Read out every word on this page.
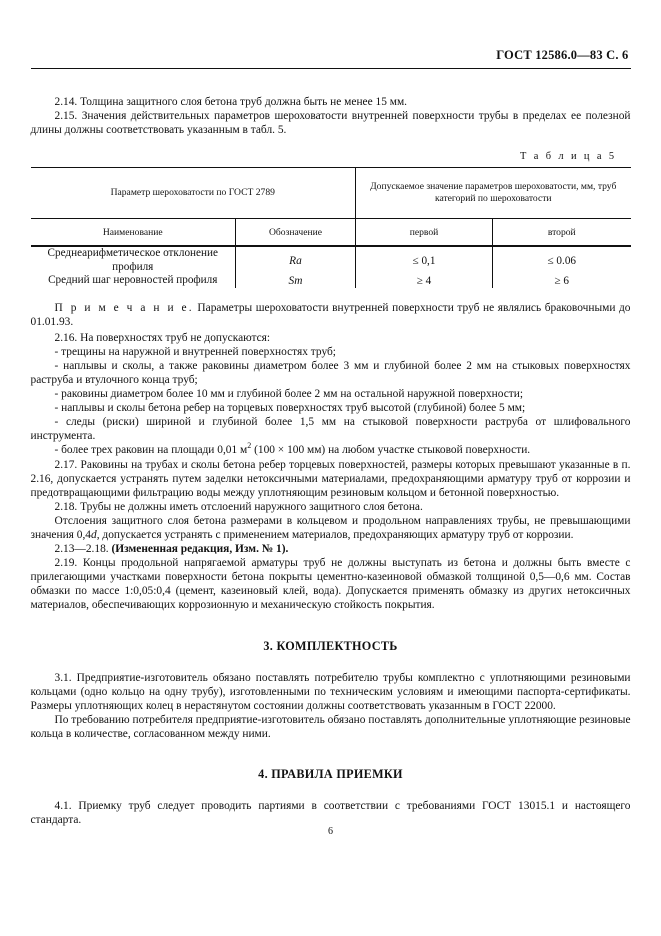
ГОСТ 12586.0—83 С. 6

2.14. Толщина защитного слоя бетона труб должна быть не менее 15 мм.

2.15. Значения действительных параметров шероховатости внутренней поверхности трубы в пределах ее полезной длины должны соответствовать указанным в табл. 5.

Т а б л и ц а 5
Параметр шероховатости по ГОСТ 2789		Допускаемое значение параметров шероховатости, мм, труб категорий по шероховатости	
Наименование	Обозначение	первой	второй
Среднеарифметическое отклонение профиля	Ra	≤ 0,1	≤ 0.06
Средний шаг неровностей профиля	Sm	≥ 4	≥ 6

П р и м е ч а н и е. Параметры шероховатости внутренней поверхности труб не являлись браковочными до 01.01.93.

2.16. На поверхностях труб не допускаются:

- трещины на наружной и внутренней поверхностях труб;

- наплывы и сколы, а также раковины диаметром более 3 мм и глубиной более 2 мм на стыковых поверхностях раструба и втулочного конца труб;

- раковины диаметром более 10 мм и глубиной более 2 мм на остальной наружной поверхности;

- наплывы и сколы бетона ребер на торцевых поверхностях труб высотой (глубиной) более 5 мм;

- следы (риски) шириной и глубиной более 1,5 мм на стыковой поверхности раструба от шлифовального инструмента.

- более трех раковин на площади 0,01 $м^2$ (100 × 100 мм) на любом участке стыковой поверхности.

2.17. Раковины на трубах и сколы бетона ребер торцевых поверхностей, размеры которых превышают указанные в п. 2.16, допускается устранять путем заделки нетоксичными материалами, предохраняющими арматуру труб от коррозии и предотвращающими фильтрацию воды между уплотняющим резиновым кольцом и бетонной поверхностью.

2.18. Трубы не должны иметь отслоений наружного защитного слоя бетона.

Отслоения защитного слоя бетона размерами в кольцевом и продольном направлениях трубы, не превышающими значения 0,4d, допускается устранять с применением материалов, предохраняющих арматуру труб от коррозии.

2.13—2.18. (Измененная редакция, Изм. № 1).

2.19. Концы продольной напрягаемой арматуры труб не должны выступать из бетона и должны быть вместе с прилегающими участками поверхности бетона покрыты цементно-казеиновой обмазкой толщиной 0,5—0,6 мм. Состав обмазки по массе 1:0,05:0,4 (цемент, казеиновый клей, вода). Допускается применять обмазку из других нетоксичных материалов, обеспечивающих коррозионную и механическую стойкость покрытия.

3. КОМПЛЕКТНОСТЬ

3.1. Предприятие-изготовитель обязано поставлять потребителю трубы комплектно с уплотняющими резиновыми кольцами (одно кольцо на одну трубу), изготовленными по техническим условиям и имеющими паспорта-сертификаты. Размеры уплотняющих колец в нерастянутом состоянии должны соответствовать указанным в ГОСТ 22000.

По требованию потребителя предприятие-изготовитель обязано поставлять дополнительные уплотняющие резиновые кольца в количестве, согласованном между ними.

4. ПРАВИЛА ПРИЕМКИ

4.1. Приемку труб следует проводить партиями в соответствии с требованиями ГОСТ 13015.1 и настоящего стандарта.

6
